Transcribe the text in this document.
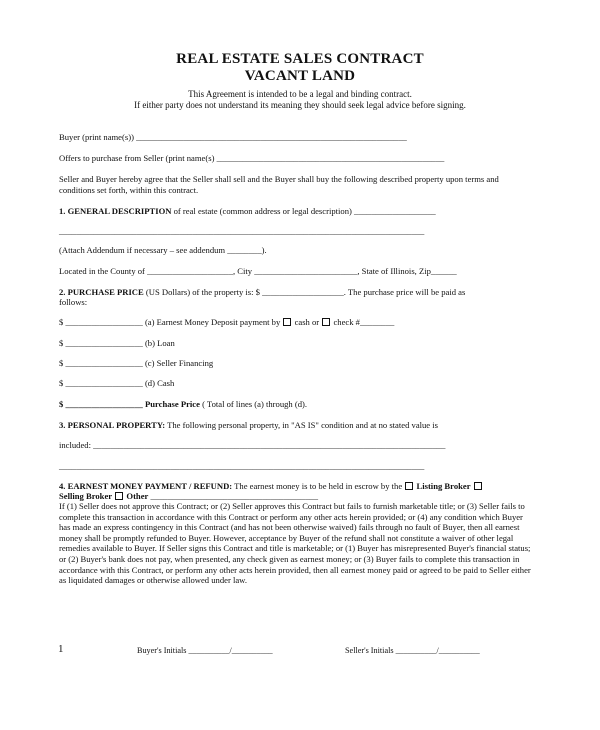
REAL ESTATE SALES CONTRACT
VACANT LAND
This Agreement is intended to be a legal and binding contract.
If either party does not understand its meaning they should seek legal advice before signing.
Buyer (print name(s)) _______________________________________________________________
Offers to purchase from Seller (print name(s) _____________________________________________________
Seller and Buyer hereby agree that the Seller shall sell and the Buyer shall buy the following described property upon terms and
conditions set forth, within this contract.
1. GENERAL DESCRIPTION of real estate (common address or legal description) ___________________
_____________________________________________________________________________________
(Attach Addendum if necessary – see addendum ________).
Located in the County of ____________________, City ________________________, State of Illinois, Zip______
2. PURCHASE PRICE (US Dollars) of the property is: $ ___________________. The purchase price will be paid as
follows:
$ __________________ (a) Earnest Money Deposit payment by cash or check #________
$ __________________ (b) Loan
$ __________________ (c) Seller Financing
$ __________________ (d) Cash
$ __________________ Purchase Price ( Total of lines (a) through (d).
3. PERSONAL PROPERTY: The following personal property, in "AS IS" condition and at no stated value is
included: __________________________________________________________________________________
_____________________________________________________________________________________
4. EARNEST MONEY PAYMENT / REFUND: The earnest money is to be held in escrow by the Listing Broker
Selling Broker Other _______________________________________
If (1) Seller does not approve this Contract; or (2) Seller approves this Contract but fails to furnish marketable title; or (3) Seller fails to complete this transaction in accordance with this Contract or perform any other acts herein provided; or (4) any condition which Buyer has made an express contingency in this Contract (and has not been otherwise waived) fails through no fault of Buyer, then all earnest money shall be promptly refunded to Buyer. However, acceptance by Buyer of the refund shall not constitute a waiver of other legal remedies available to Buyer. If Seller signs this Contract and title is marketable; or (1) Buyer has misrepresented Buyer's financial status; or (2) Buyer's bank does not pay, when presented, any check given as earnest money; or (3) Buyer fails to complete this transaction in accordance with this Contract, or perform any other acts herein provided, then all earnest money paid or agreed to be paid to Seller either as liquidated damages or otherwise allowed under law.
1	Buyer's Initials __________/__________	Seller's Initials __________/__________
